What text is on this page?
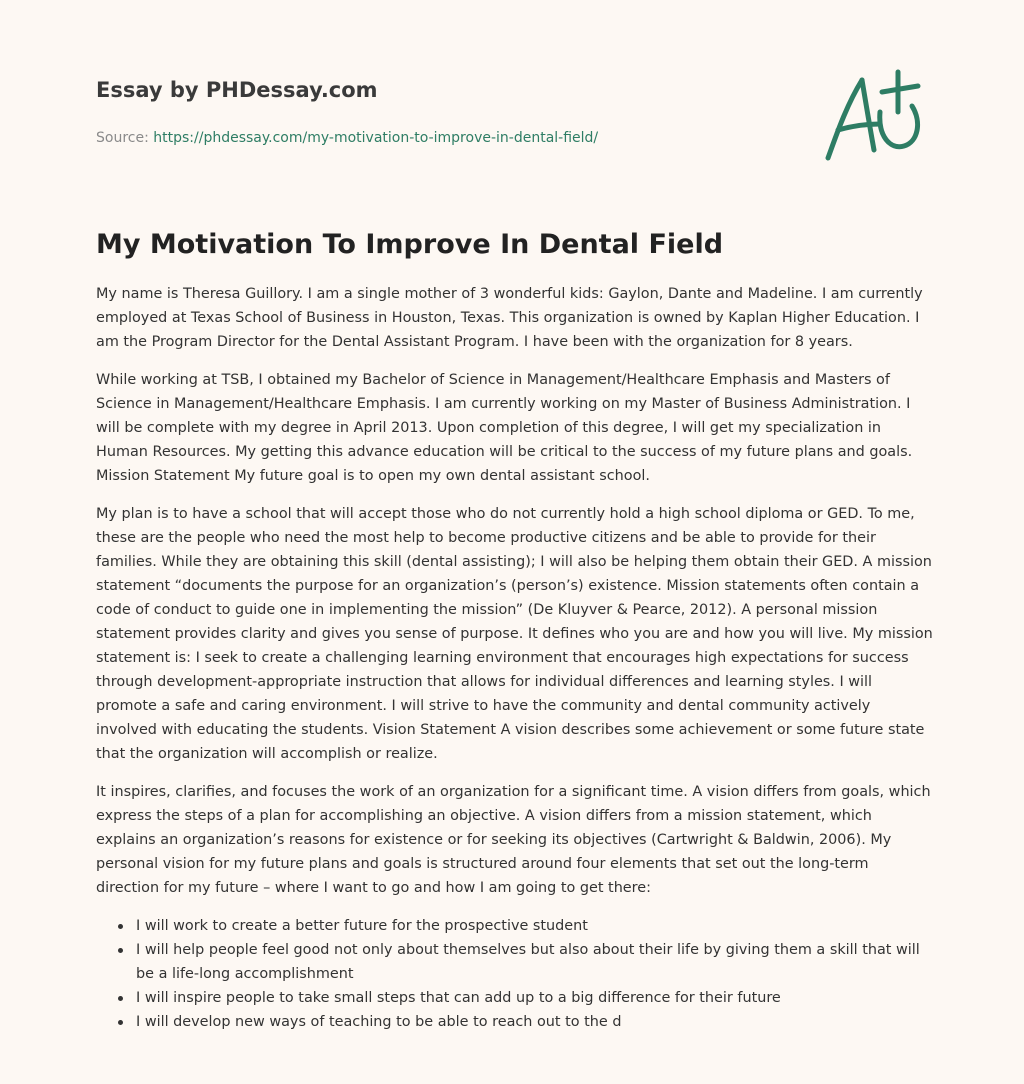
Essay by PHDessay.com
Source: https://phdessay.com/my-motivation-to-improve-in-dental-field/
My Motivation To Improve In Dental Field

My name is Theresa Guillory. I am a single mother of 3 wonderful kids: Gaylon, Dante and Madeline. I am currently employed at Texas School of Business in Houston, Texas. This organization is owned by Kaplan Higher Education. I am the Program Director for the Dental Assistant Program. I have been with the organization for 8 years.

While working at TSB, I obtained my Bachelor of Science in Management/Healthcare Emphasis and Masters of Science in Management/Healthcare Emphasis. I am currently working on my Master of Business Administration. I will be complete with my degree in April 2013. Upon completion of this degree, I will get my specialization in Human Resources. My getting this advance education will be critical to the success of my future plans and goals. Mission Statement My future goal is to open my own dental assistant school.

My plan is to have a school that will accept those who do not currently hold a high school diploma or GED. To me, these are the people who need the most help to become productive citizens and be able to provide for their families. While they are obtaining this skill (dental assisting); I will also be helping them obtain their GED. A mission statement “documents the purpose for an organization’s (person’s) existence. Mission statements often contain a code of conduct to guide one in implementing the mission” (De Kluyver & Pearce, 2012). A personal mission statement provides clarity and gives you sense of purpose. It defines who you are and how you will live. My mission statement is: I seek to create a challenging learning environment that encourages high expectations for success through development-appropriate instruction that allows for individual differences and learning styles. I will promote a safe and caring environment. I will strive to have the community and dental community actively involved with educating the students. Vision Statement A vision describes some achievement or some future state that the organization will accomplish or realize.

It inspires, clarifies, and focuses the work of an organization for a significant time. A vision differs from goals, which express the steps of a plan for accomplishing an objective. A vision differs from a mission statement, which explains an organization’s reasons for existence or for seeking its objectives (Cartwright & Baldwin, 2006). My personal vision for my future plans and goals is structured around four elements that set out the long-term direction for my future – where I want to go and how I am going to get there:

I will work to create a better future for the prospective student
I will help people feel good not only about themselves but also about their life by giving them a skill that will be a life-long accomplishment
I will inspire people to take small steps that can add up to a big difference for their future
I will develop new ways of teaching to be able to reach out to the d
